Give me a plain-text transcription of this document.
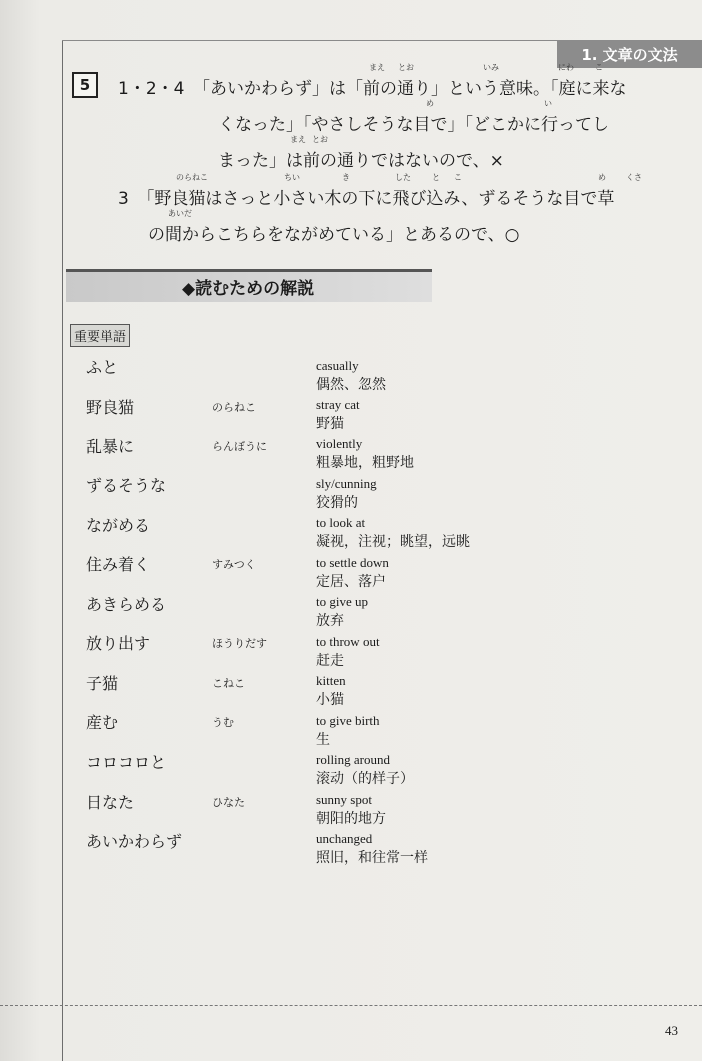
1. 文章の文法
5
まえ とお	いみ	にわ	こ
め	い
まえ とお
のらねこ	ちい	き	した	と こ	め	くさ
あいだ
1・2・4　「あいかわらず」は「前の通り」という意味。「庭に来な
くなった」「やさしそうな目で」「どこかに行ってし
まった」は前の通りではないので、×
3　「野良猫はさっと小さい木の下に飛び込み、ずるそうな目で草
の間からこちらをながめている」とあるので、○
◆読むための解説
重要単語
ふと	casually
偶然、忽然
野良猫	のらねこ	stray cat
野猫
乱暴に	らんぼうに	violently
粗暴地，粗野地
ずるそうな	sly/cunning
狡猾的
ながめる	to look at
凝视，注视；眺望，远眺
住み着く	すみつく	to settle down
定居、落户
あきらめる	to give up
放弃
放り出す	ほうりだす	to throw out
赶走
子猫	こねこ	kitten
小猫
産む	うむ	to give birth
生
コロコロと	rolling around
滚动（的样子）
日なた	ひなた	sunny spot
朝阳的地方
あいかわらず	unchanged
照旧，和往常一样
43
